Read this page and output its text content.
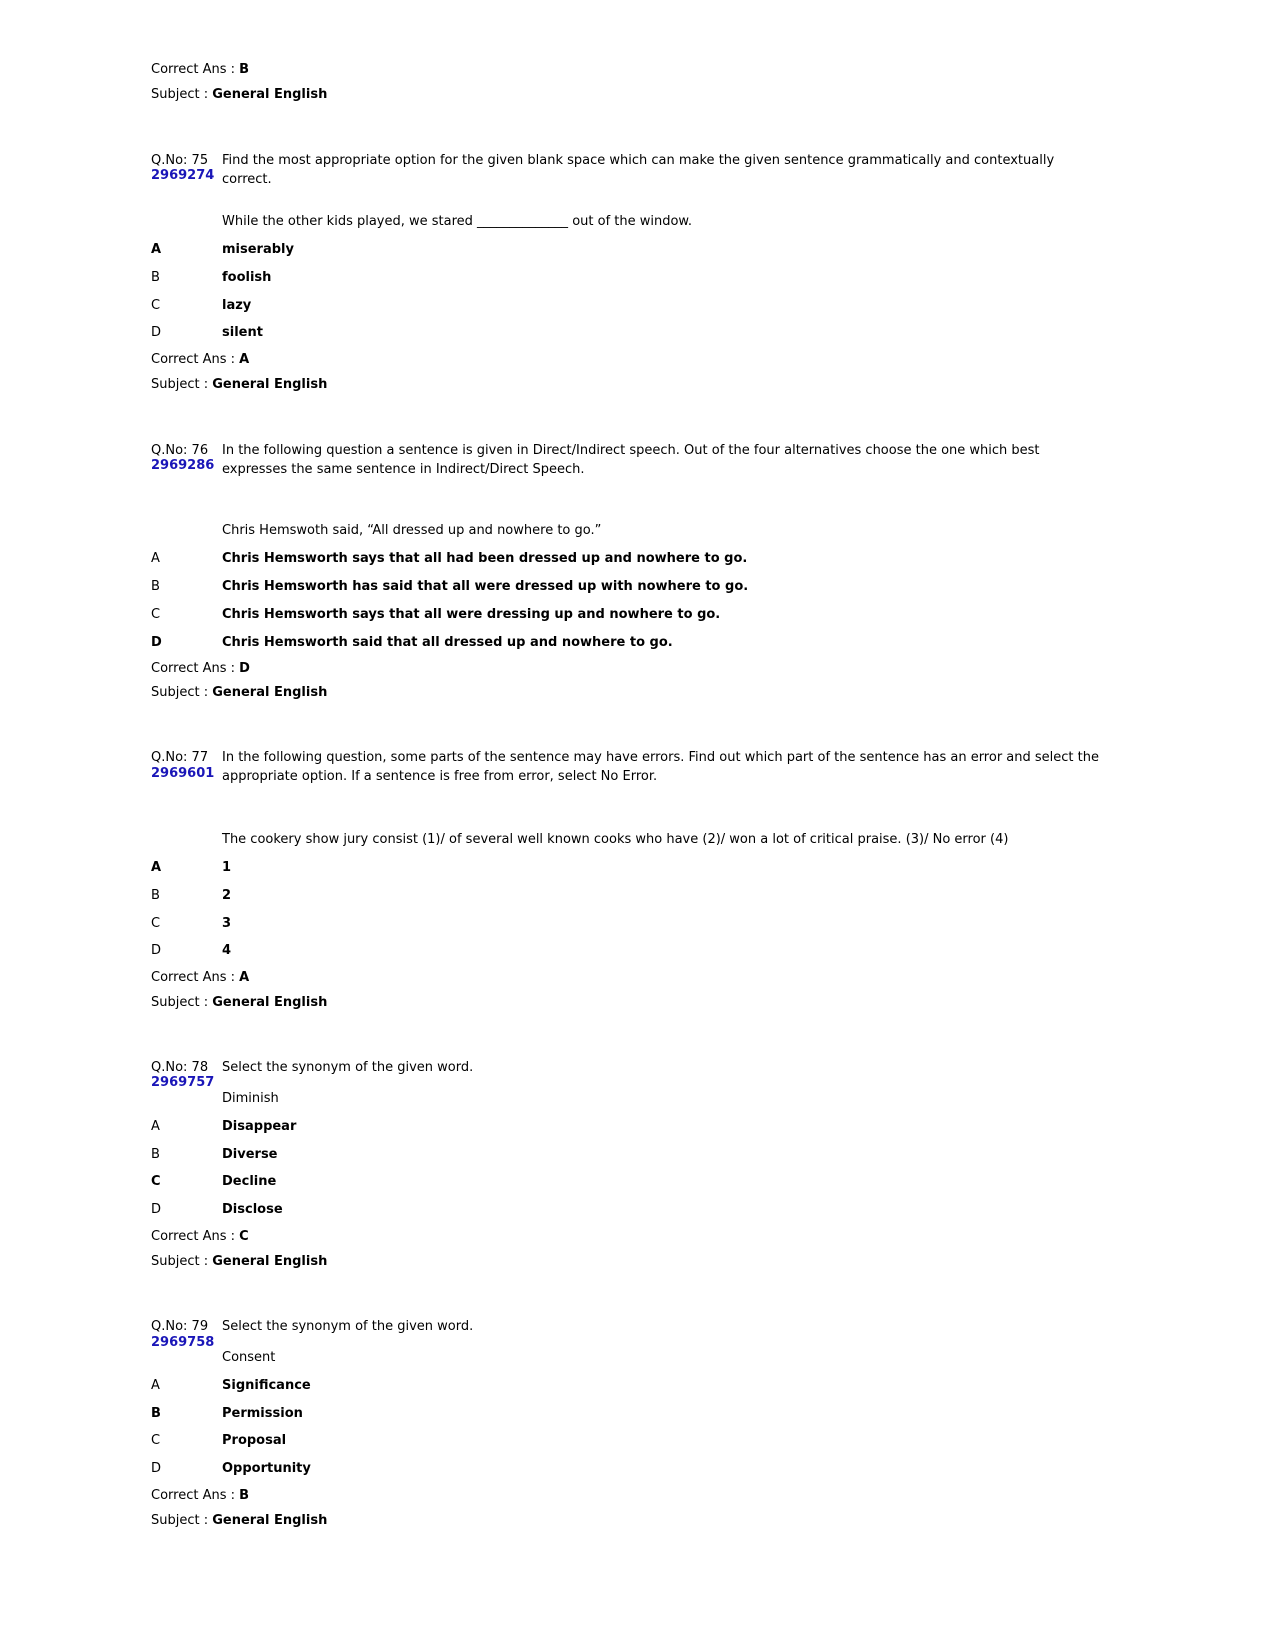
Correct Ans : B
Subject : General English
Q.No: 75
2969274
Find the most appropriate option for the given blank space which can make the given sentence grammatically and contextually correct.
While the other kids played, we stared ______________ out of the window.
A	miserably
B	foolish
C	lazy
D	silent
Correct Ans : A
Subject : General English
Q.No: 76
2969286
In the following question a sentence is given in Direct/Indirect speech. Out of the four alternatives choose the one which best expresses the same sentence in Indirect/Direct Speech.
Chris Hemswoth said, “All dressed up and nowhere to go.”
A	Chris Hemsworth says that all had been dressed up and nowhere to go.
B	Chris Hemsworth has said that all were dressed up with nowhere to go.
C	Chris Hemsworth says that all were dressing up and nowhere to go.
D	Chris Hemsworth said that all dressed up and nowhere to go.
Correct Ans : D
Subject : General English
Q.No: 77
2969601
In the following question, some parts of the sentence may have errors. Find out which part of the sentence has an error and select the appropriate option. If a sentence is free from error, select No Error.
The cookery show jury consist (1)/ of several well known cooks who have (2)/ won a lot of critical praise. (3)/ No error (4)
A	1
B	2
C	3
D	4
Correct Ans : A
Subject : General English
Q.No: 78
2969757
Select the synonym of the given word.
Diminish
A	Disappear
B	Diverse
C	Decline
D	Disclose
Correct Ans : C
Subject : General English
Q.No: 79
2969758
Select the synonym of the given word.
Consent
A	Significance
B	Permission
C	Proposal
D	Opportunity
Correct Ans : B
Subject : General English
